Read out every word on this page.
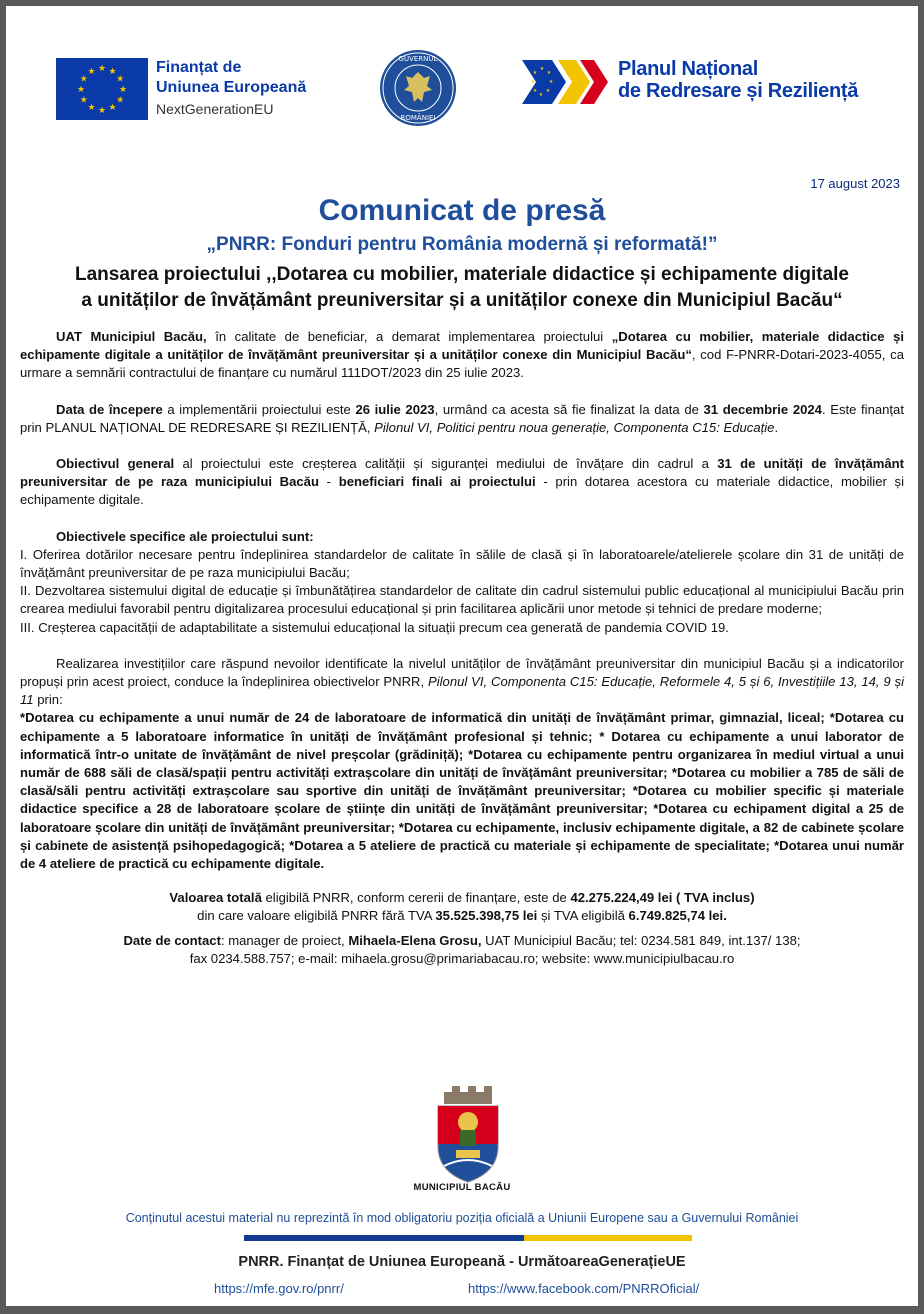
★ ★
★
★
★
★
★
★
★
★
★
★	Finanțat de
Uniunea Europeană
NextGenerationEU
GUVERNUL
ROMÂNIEI
★
★
★
★
★
★
★
★	Planul Național
de Redresare și Reziliență
17 august 2023
Comunicat de presă
„PNRR: Fonduri pentru România modernă și reformată!”
Lansarea proiectului ,,Dotarea cu mobilier, materiale didactice și echipamente digitale
a unităților de învățământ preuniversitar și a unităților conexe din Municipiul Bacău“

UAT Municipiul Bacău, în calitate de beneficiar, a demarat implementarea proiectului „Dotarea cu mobilier, materiale didactice și echipamente digitale a unităților de învățământ preuniversitar și a unităților conexe din Municipiul Bacău“, cod F-PNRR-Dotari-2023-4055, ca urmare a semnării contractului de finanțare cu numărul 111DOT/2023 din 25 iulie 2023.

Data de începere a implementării proiectului este 26 iulie 2023, urmând ca acesta să fie finalizat la data de 31 decembrie 2024. Este finanțat prin PLANUL NAȚIONAL DE REDRESARE ȘI REZILIENȚĂ, Pilonul VI, Politici pentru noua generație, Componenta C15: Educație.

Obiectivul general al proiectului este creșterea calității și siguranței mediului de învățare din cadrul a 31 de unități de învățământ preuniversitar de pe raza municipiului Bacău - beneficiari finali ai proiectului - prin dotarea acestora cu materiale didactice, mobilier și echipamente digitale.

Obiectivele specifice ale proiectului sunt:

I. Oferirea dotărilor necesare pentru îndeplinirea standardelor de calitate în sălile de clasă și în laboratoarele/atelierele școlare din 31 de unități de învățământ preuniversitar de pe raza municipiului Bacău;

II. Dezvoltarea sistemului digital de educație și îmbunătățirea standardelor de calitate din cadrul sistemului public educațional al municipiului Bacău prin crearea mediului favorabil pentru digitalizarea procesului educațional și prin facilitarea aplicării unor metode și tehnici de predare moderne;

III. Creșterea capacității de adaptabilitate a sistemului educațional la situații precum cea generată de pandemia COVID 19.

Realizarea investițiilor care răspund nevoilor identificate la nivelul unităților de învățământ preuniversitar din municipiul Bacău și a indicatorilor propuși prin acest proiect, conduce la îndeplinirea obiectivelor PNRR, Pilonul VI, Componenta C15: Educație, Reformele 4, 5 și 6, Investițiile 13, 14, 9 și 11 prin:

*Dotarea cu echipamente a unui număr de 24 de laboratoare de informatică din unități de învățământ primar, gimnazial, liceal; *Dotarea cu echipamente a 5 laboratoare informatice în unități de învățământ profesional și tehnic; * Dotarea cu echipamente a unui laborator de informatică într-o unitate de învățământ de nivel preșcolar (grădiniță); *Dotarea cu echipamente pentru organizarea în mediul virtual a unui număr de 688 săli de clasă/spații pentru activități extrașcolare din unități de învățământ preuniversitar; *Dotarea cu mobilier a 785 de săli de clasă/săli pentru activități extrașcolare sau sportive din unități de învățământ preuniversitar; *Dotarea cu mobilier specific și materiale didactice specifice a 28 de laboratoare școlare de științe din unități de învățământ preuniversitar; *Dotarea cu echipament digital a 25 de laboratoare școlare din unități de învățământ preuniversitar; *Dotarea cu echipamente, inclusiv echipamente digitale, a 82 de cabinete școlare și cabinete de asistență psihopedagogică; *Dotarea a 5 ateliere de practică cu materiale și echipamente de specialitate; *Dotarea unui număr de 4 ateliere de practică cu echipamente digitale.

Valoarea totală eligibilă PNRR, conform cererii de finanțare, este de 42.275.224,49 lei ( TVA inclus)

din care valoare eligibilă PNRR fără TVA 35.525.398,75 lei și TVA eligibilă 6.749.825,74 lei.

Date de contact: manager de proiect, Mihaela-Elena Grosu, UAT Municipiul Bacău; tel: 0234.581 849, int.137/ 138;

fax 0234.588.757; e-mail: mihaela.grosu@primariabacau.ro; website: www.municipiulbacau.ro

MUNICIPIUL BACĂU
Conținutul acestui material nu reprezintă în mod obligatoriu poziția oficială a Uniunii Europene sau a Guvernului României
PNRR. Finanțat de Uniunea Europeană - UrmătoareaGenerațieUE
https://mfe.gov.ro/pnrr/	https://www.facebook.com/PNRROficial/
